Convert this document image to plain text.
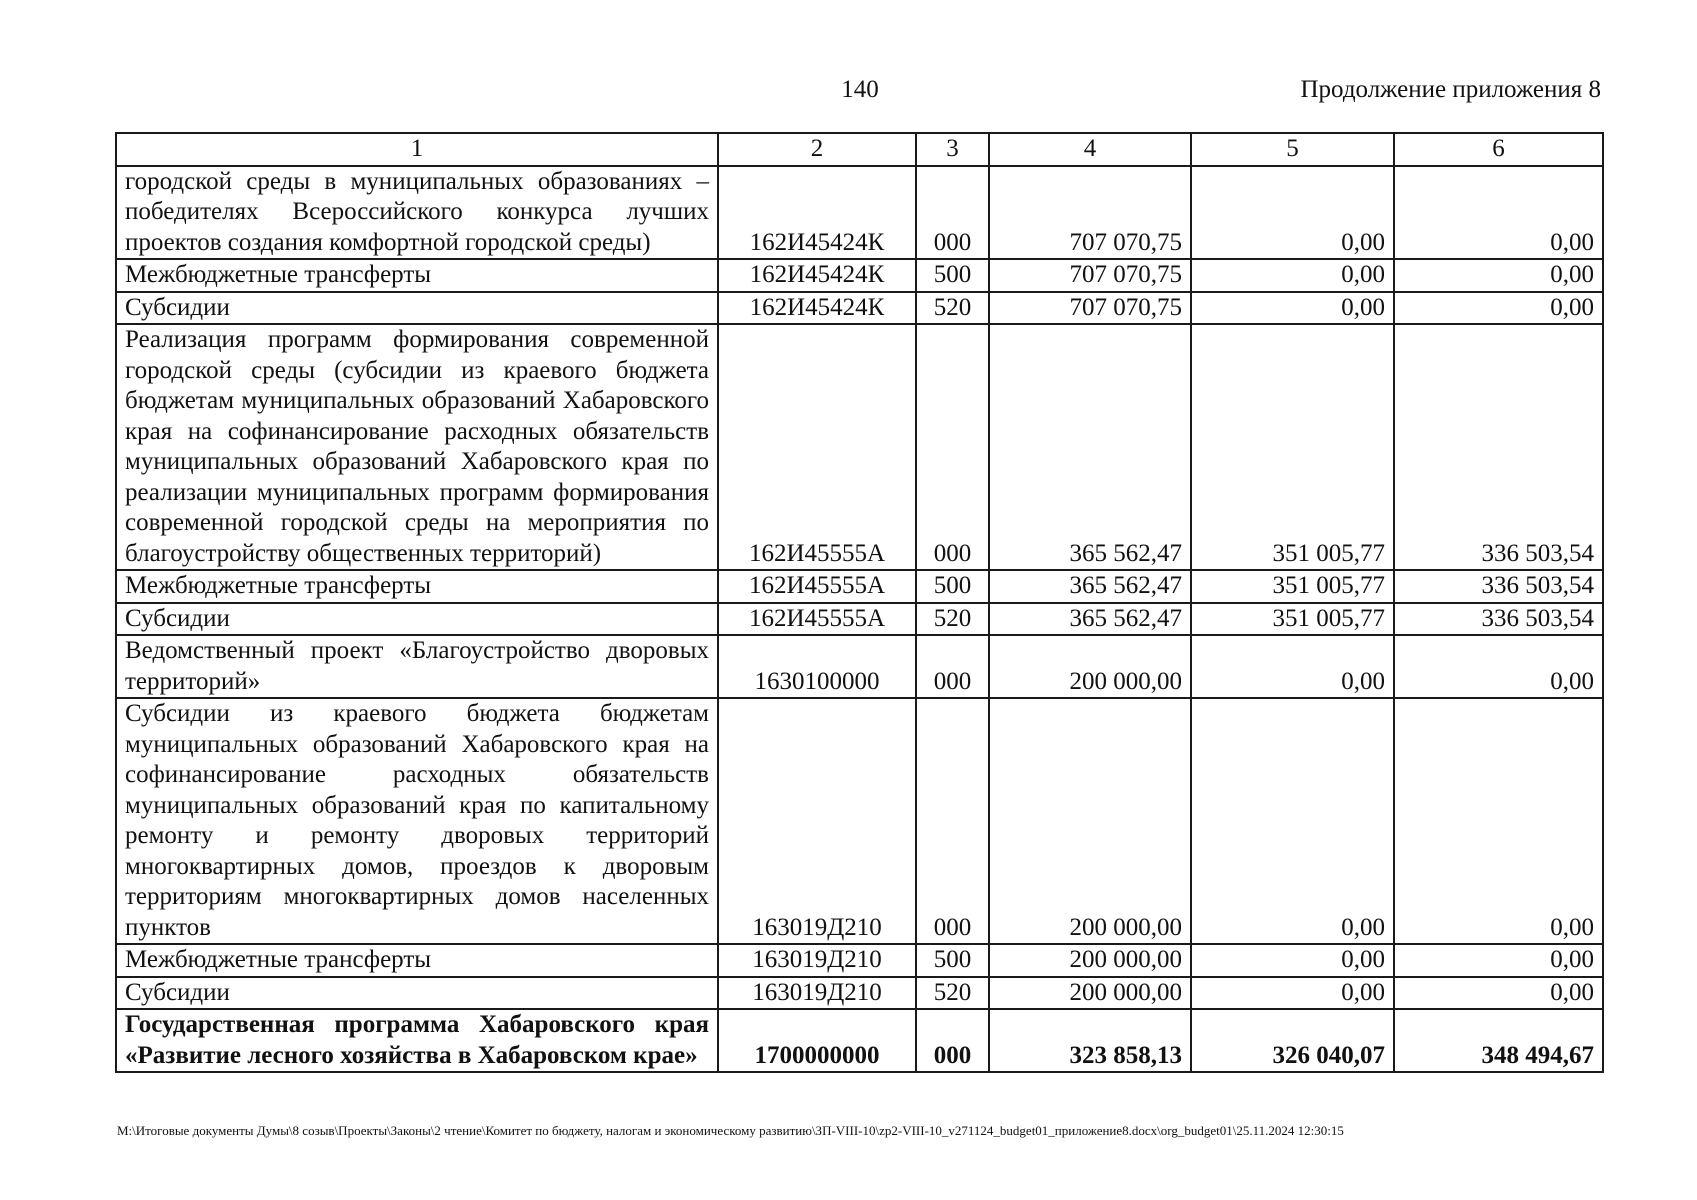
140	Продолжение приложения 8
1	2	3	4	5	6
городской среды в муниципальных образованиях – победителях Всероссийского конкурса лучших проектов создания комфортной городской среды)	162И45424К	000	707 070,75	0,00	0,00
Межбюджетные трансферты	162И45424К	500	707 070,75	0,00	0,00
Субсидии	162И45424К	520	707 070,75	0,00	0,00
Реализация программ формирования современной городской среды (субсидии из краевого бюджета бюджетам муниципальных образований Хабаровского края на софинансирование расходных обязательств муниципальных образований Хабаровского края по реализации муниципальных программ формирования современной городской среды на мероприятия по благоустройству общественных территорий)	162И45555А	000	365 562,47	351 005,77	336 503,54
Межбюджетные трансферты	162И45555А	500	365 562,47	351 005,77	336 503,54
Субсидии	162И45555А	520	365 562,47	351 005,77	336 503,54
Ведомственный проект «Благоустройство дворовых территорий»	1630100000	000	200 000,00	0,00	0,00
Субсидии из краевого бюджета бюджетам муниципальных образований Хабаровского края на софинансирование расходных обязательств муниципальных образований края по капитальному ремонту и ремонту дворовых территорий многоквартирных домов, проездов к дворовым территориям многоквартирных домов населенных пунктов	163019Д210	000	200 000,00	0,00	0,00
Межбюджетные трансферты	163019Д210	500	200 000,00	0,00	0,00
Субсидии	163019Д210	520	200 000,00	0,00	0,00
Государственная программа Хабаровского края «Развитие лесного хозяйства в Хабаровском крае»	1700000000	000	323 858,13	326 040,07	348 494,67
М:\Итоговые документы Думы\8 созыв\Проекты\Законы\2 чтение\Комитет по бюджету, налогам и экономическому развитию\ЗП-VIII-10\zp2-VIII-10_v271124_budget01_приложение8.docx\org_budget01\25.11.2024 12:30:15
